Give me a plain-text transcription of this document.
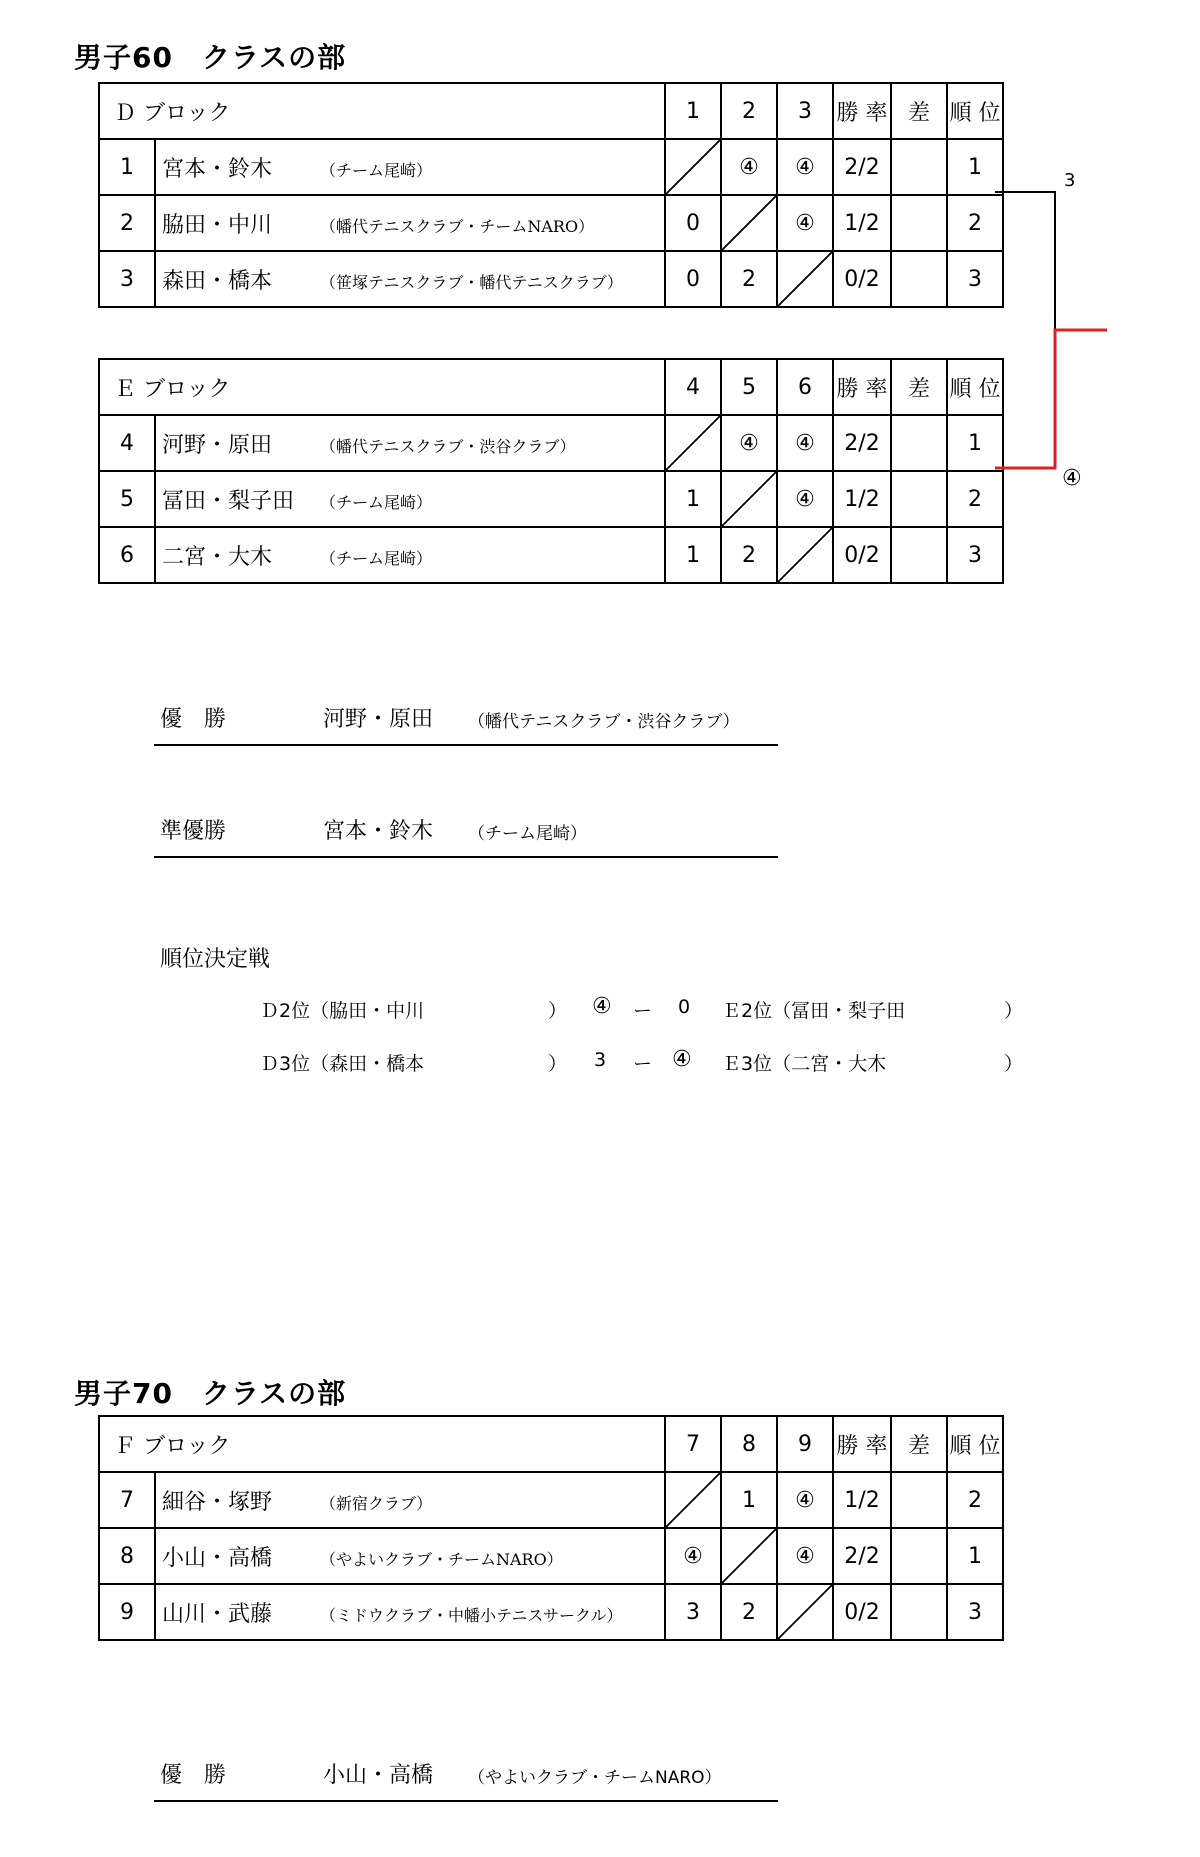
男子60　クラスの部
Ｄ ブロック		1	2	3	勝 率	差	順 位
1	宮本・鈴木 （チーム尾崎）		④	④	2/2		1
2	脇田・中川 （幡代テニスクラブ・チームNARO）	0		④	1/2		2
3	森田・橋本 （笹塚テニスクラブ・幡代テニスクラブ）	0	2		0/2		3
Ｅ ブロック		4	5	6	勝 率	差	順 位
4	河野・原田 （幡代テニスクラブ・渋谷クラブ）		④	④	2/2		1
5	冨田・梨子田 （チーム尾崎）	1		④	1/2		2
6	二宮・大木 （チーム尾崎）	1	2		0/2		3
3
④
優　勝	河野・原田 （幡代テニスクラブ・渋谷クラブ）
準優勝	宮本・鈴木 （チーム尾崎）
順位決定戦
Ｄ2位（脇田・中川	） ④ ー 0 Ｅ2位（冨田・梨子田	）
Ｄ3位（森田・橋本	） 3 ー ④ Ｅ3位（二宮・大木	）
男子70　クラスの部
Ｆ ブロック		7	8	9	勝 率	差	順 位
7	細谷・塚野 （新宿クラブ）		1	④	1/2		2
8	小山・高橋 （やよいクラブ・チームNARO）	④		④	2/2		1
9	山川・武藤 （ミドウクラブ・中幡小テニスサークル）	3	2		0/2		3
優　勝	小山・高橋 （やよいクラブ・チームNARO）
